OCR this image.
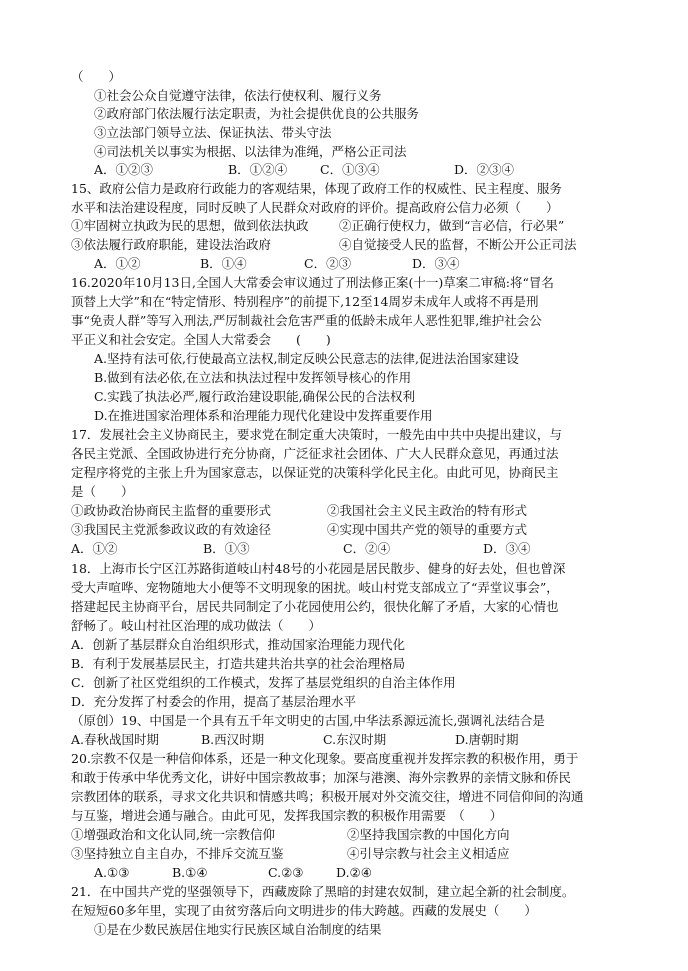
（　　）
①社会公众自觉遵守法律，依法行使权利、履行义务
②政府部门依法履行法定职责，为社会提供优良的公共服务
③立法部门领导立法、保证执法、带头守法
④司法机关以事实为根据、以法律为准绳，严格公正司法
A．①②③	B．①②④	C．①③④	D．②③④
15、政府公信力是政府行政能力的客观结果，体现了政府工作的权威性、民主程度、服务
水平和法治建设程度，同时反映了人民群众对政府的评价。提高政府公信力必须（　　）
①牢固树立执政为民的思想，做到依法执政	②正确行使权力，做到“言必信，行必果”
③依法履行政府职能，建设法治政府	④自觉接受人民的监督，不断公开公正司法
A．①②	B．①④	C．②③	D．③④
16.2020年10月13日,全国人大常委会审议通过了刑法修正案(十一)草案二审稿:将“冒名
顶替上大学”和在“特定情形、特别程序”的前提下,12至14周岁未成年人或将不再是刑
事“免责人群”等写入刑法,严厉制裁社会危害严重的低龄未成年人恶性犯罪,维护社会公
平正义和社会安定。全国人大常委会　　(　　)
A.坚持有法可依,行使最高立法权,制定反映公民意志的法律,促进法治国家建设
B.做到有法必依,在立法和执法过程中发挥领导核心的作用
C.实践了执法必严,履行政治建设职能,确保公民的合法权利
D.在推进国家治理体系和治理能力现代化建设中发挥重要作用
17．发展社会主义协商民主，要求党在制定重大决策时，一般先由中共中央提出建议，与
各民主党派、全国政协进行充分协商，广泛征求社会团体、广大人民群众意见，再通过法
定程序将党的主张上升为国家意志，以保证党的决策科学化民主化。由此可见，协商民主
是（　　）
①政协政治协商民主监督的重要形式	②我国社会主义民主政治的特有形式
③我国民主党派参政议政的有效途径	④实现中国共产党的领导的重要方式
A．①②	B．①③	C．②④	D．③④
18．上海市长宁区江苏路街道岐山村48号的小花园是居民散步、健身的好去处，但也曾深
受大声喧哗、宠物随地大小便等不文明现象的困扰。岐山村党支部成立了“弄堂议事会”，
搭建起民主协商平台，居民共同制定了小花园使用公约，很快化解了矛盾，大家的心情也
舒畅了。岐山村社区治理的成功做法（　　）
A．创新了基层群众自治组织形式，推动国家治理能力现代化
B．有利于发展基层民主，打造共建共治共享的社会治理格局
C．创新了社区党组织的工作模式，发挥了基层党组织的自治主体作用
D．充分发挥了村委会的作用，提高了基层治理水平
（原创）19、中国是一个具有五千年文明史的古国,中华法系源远流长,强调礼法结合是
A.春秋战国时期	B.西汉时期	C.东汉时期	D.唐朝时期
20.宗教不仅是一种信仰体系，还是一种文化现象。要高度重视并发挥宗教的积极作用，勇于
和敢于传承中华优秀文化，讲好中国宗教故事；加深与港澳、海外宗教界的亲情文脉和侨民
宗教团体的联系，寻求文化共识和情感共鸣；积极开展对外交流交往，增进不同信仰间的沟通
与互鉴，增进会通与融合。由此可见，发挥我国宗教的积极作用需要　（　　）
①增强政治和文化认同,统一宗教信仰	②坚持我国宗教的中国化方向
③坚持独立自主自办，不排斥交流互鉴	④引导宗教与社会主义相适应
A.①③	B.①④	C.②③	D.②④
21．在中国共产党的坚强领导下，西藏废除了黑暗的封建农奴制，建立起全新的社会制度。
在短短60多年里，实现了由贫穷落后向文明进步的伟大跨越。西藏的发展史（　　）
①是在少数民族居住地实行民族区域自治制度的结果
